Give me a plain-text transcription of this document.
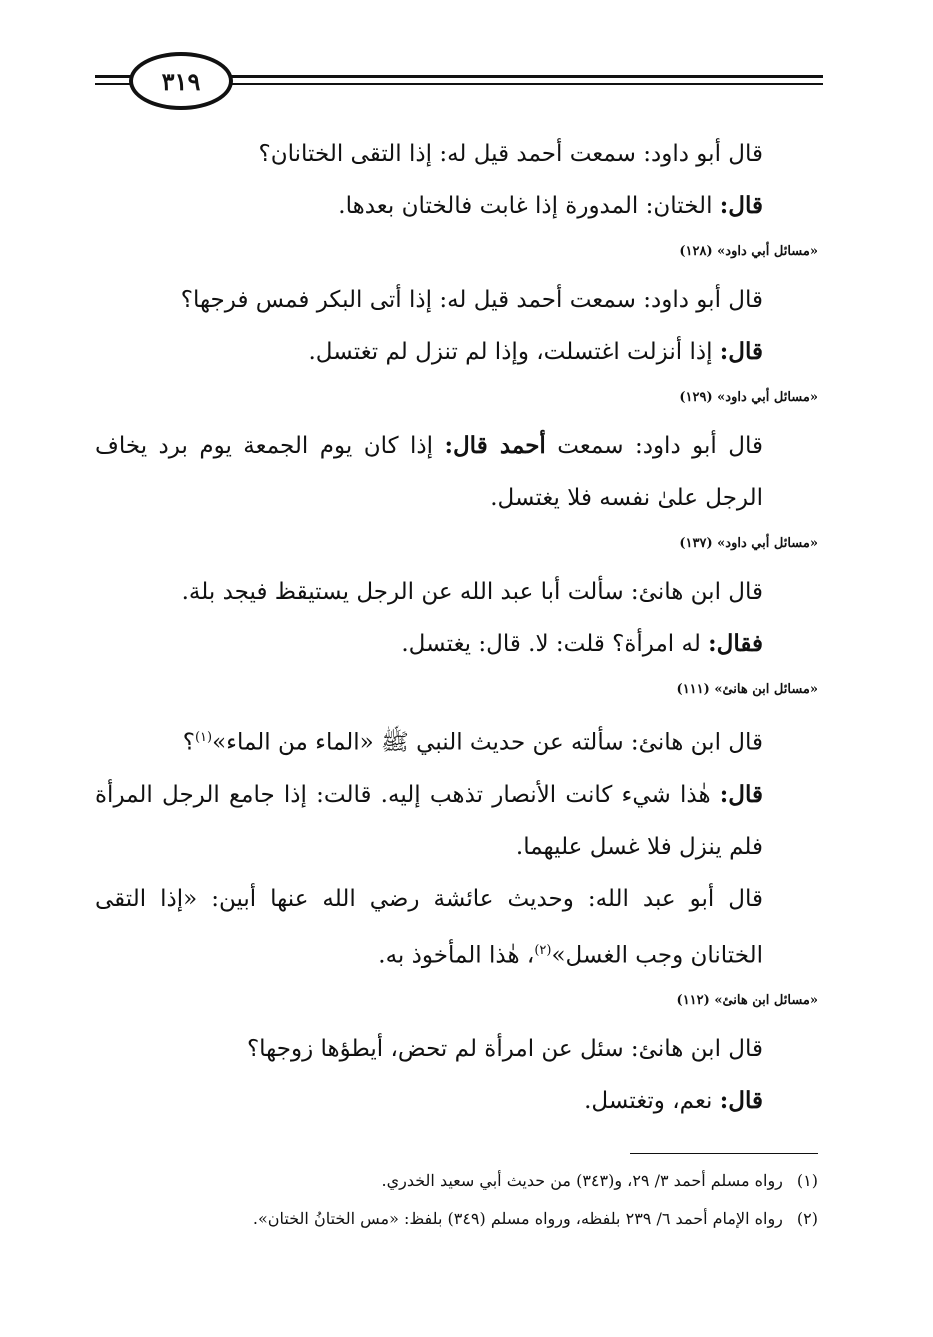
٣١٩

قال أبو داود: سمعت أحمد قيل له: إذا التقى الختانان؟

قال: الختان: المدورة إذا غابت فالختان بعدها.

«مسائل أبي داود» (١٢٨)

قال أبو داود: سمعت أحمد قيل له: إذا أتى البكر فمس فرجها؟

قال: إذا أنزلت اغتسلت، وإذا لم تنزل لم تغتسل.

«مسائل أبي داود» (١٢٩)

قال أبو داود: سمعت أحمد قال: إذا كان يوم الجمعة يوم برد يخاف الرجل علىٰ نفسه فلا يغتسل.

«مسائل أبي داود» (١٣٧)

قال ابن هانئ: سألت أبا عبد الله عن الرجل يستيقظ فيجد بلة.

فقال: له امرأة؟ قلت: لا. قال: يغتسل.

«مسائل ابن هانئ» (١١١)

قال ابن هانئ: سألته عن حديث النبي ﷺ «الماء من الماء»$^{(١)}$؟

قال: هٰذا شيء كانت الأنصار تذهب إليه. قالت: إذا جامع الرجل المرأة فلم ينزل فلا غسل عليهما.

قال أبو عبد الله: وحديث عائشة رضي الله عنها أبين: «إذا التقى الختانان وجب الغسل»$^{(٢)}$، هٰذا المأخوذ به.

«مسائل ابن هانئ» (١١٢)

قال ابن هانئ: سئل عن امرأة لم تحض، أيطؤها زوجها؟

قال: نعم، وتغتسل.

(١)رواه مسلم أحمد ٣/ ٢٩، و(٣٤٣) من حديث أبي سعيد الخدري.

(٢)رواه الإمام أحمد ٦/ ٢٣٩ بلفظه، ورواه مسلم (٣٤٩) بلفظ: «مس الختانُ الختان».
